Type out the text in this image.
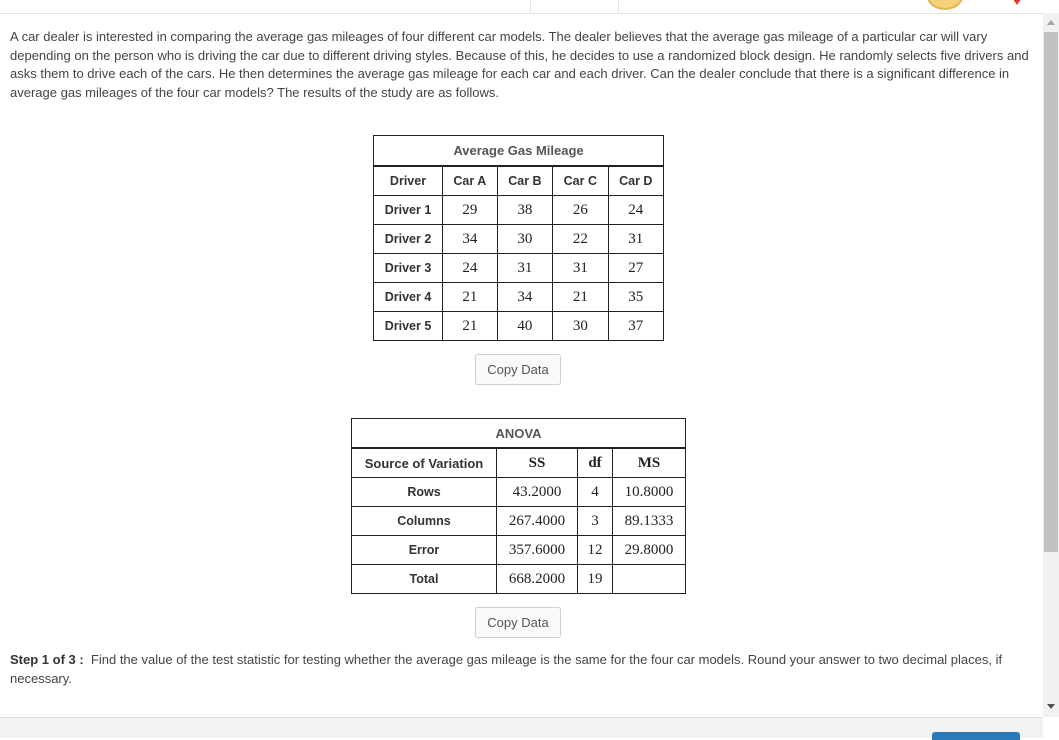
A car dealer is interested in comparing the average gas mileages of four different car models. The dealer believes that the average gas mileage of a particular car will vary depending on the person who is driving the car due to different driving styles. Because of this, he decides to use a randomized block design. He randomly selects five drivers and asks them to drive each of the cars. He then determines the average gas mileage for each car and each driver. Can the dealer conclude that there is a significant difference in average gas mileages of the four car models? The results of the study are as follows.
Average Gas Mileage				
Driver	Car A	Car B	Car C	Car D
Driver 1	29	38	26	24
Driver 2	34	30	22	31
Driver 3	24	31	31	27
Driver 4	21	34	21	35
Driver 5	21	40	30	37
Copy Data
ANOVA			
Source of Variation	SS	df	MS
Rows	43.2000	4	10.8000
Columns	267.4000	3	89.1333
Error	357.6000	12	29.8000
Total	668.2000	19	
Copy Data
Step 1 of 3 : Find the value of the test statistic for testing whether the average gas mileage is the same for the four car models. Round your answer to two decimal places, if necessary.
